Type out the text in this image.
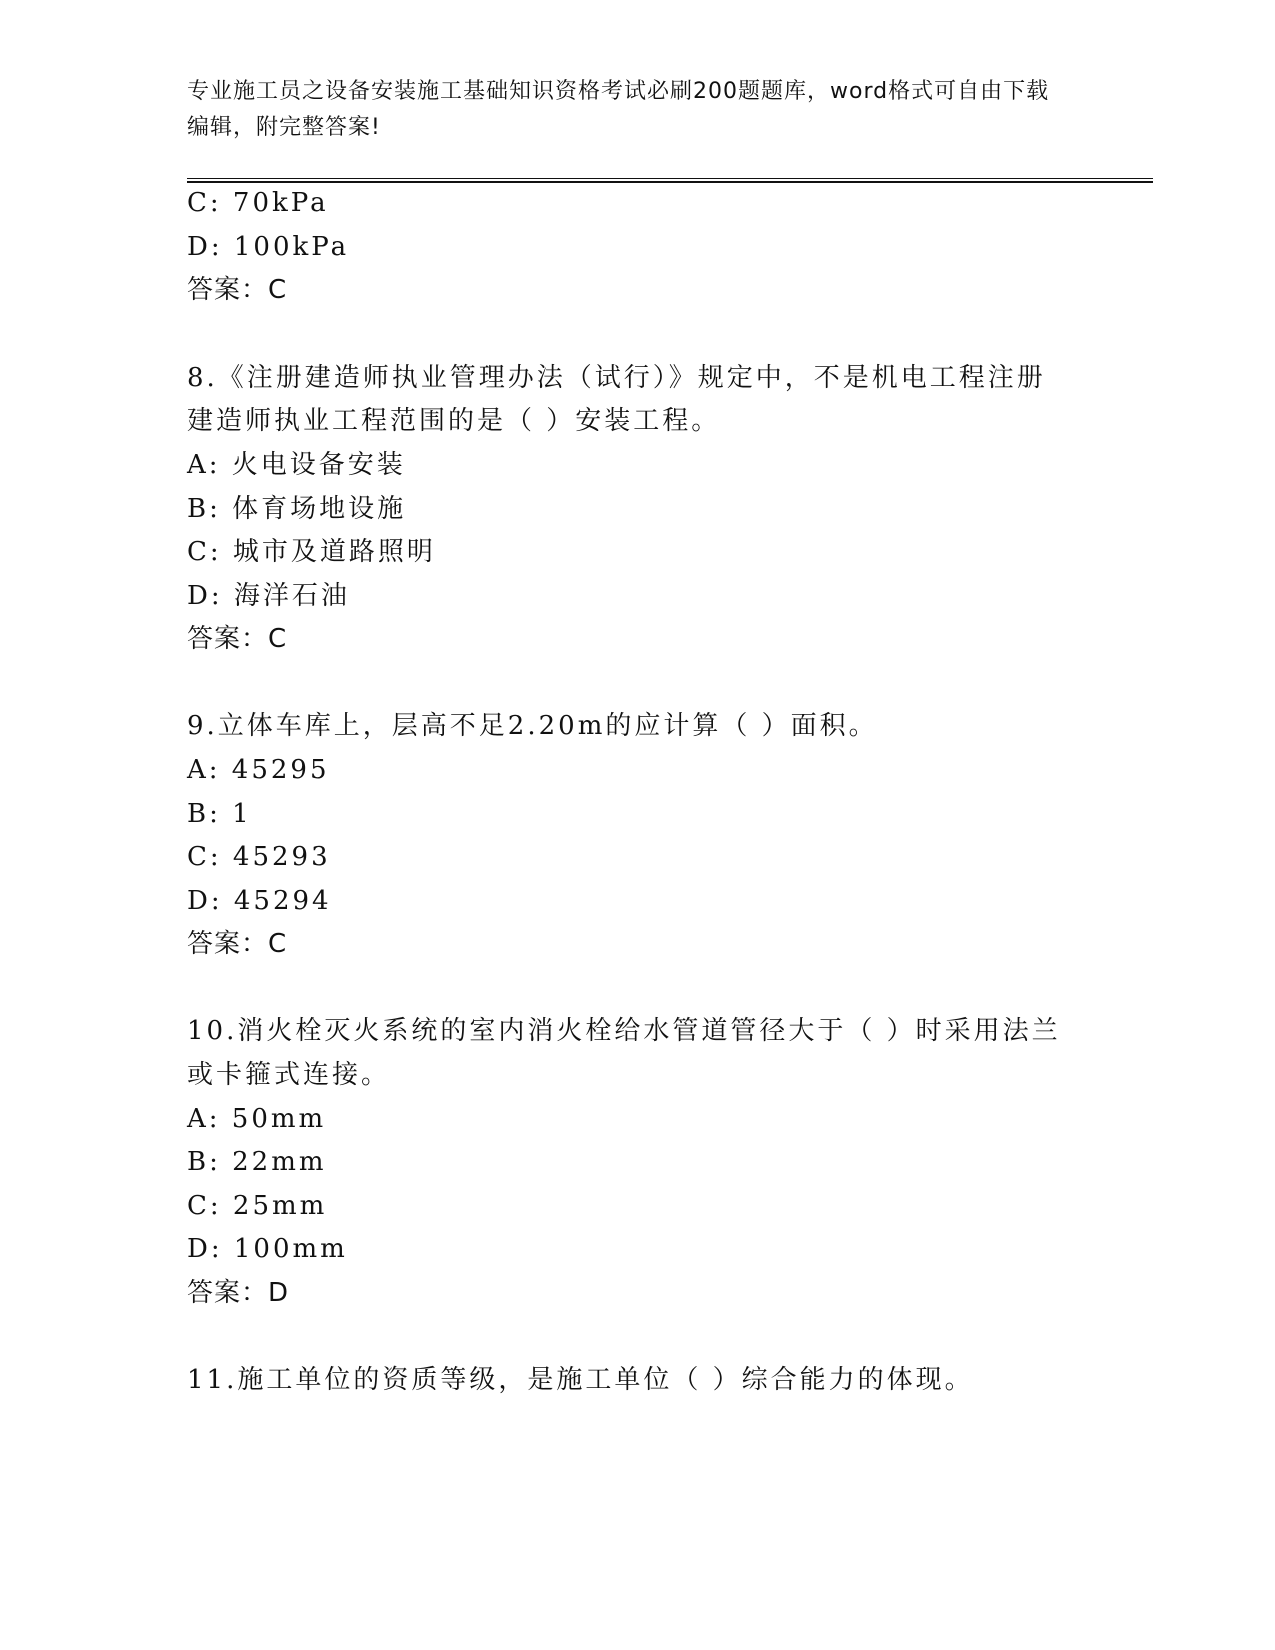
专业施工员之设备安装施工基础知识资格考试必刷200题题库，word格式可自由下载编辑，附完整答案!
C: 70kPa
D: 100kPa
答案：C
8.《注册建造师执业管理办法（试行）》规定中，不是机电工程注册
建造师执业工程范围的是（ ）安装工程。
A: 火电设备安装
B: 体育场地设施
C: 城市及道路照明
D: 海洋石油
答案：C
9.立体车库上，层高不足2.20m的应计算（ ）面积。
A: 45295
B: 1
C: 45293
D: 45294
答案：C
10.消火栓灭火系统的室内消火栓给水管道管径大于（ ）时采用法兰
或卡箍式连接。
A: 50mm
B: 22mm
C: 25mm
D: 100mm
答案：D
11.施工单位的资质等级，是施工单位（ ）综合能力的体现。
